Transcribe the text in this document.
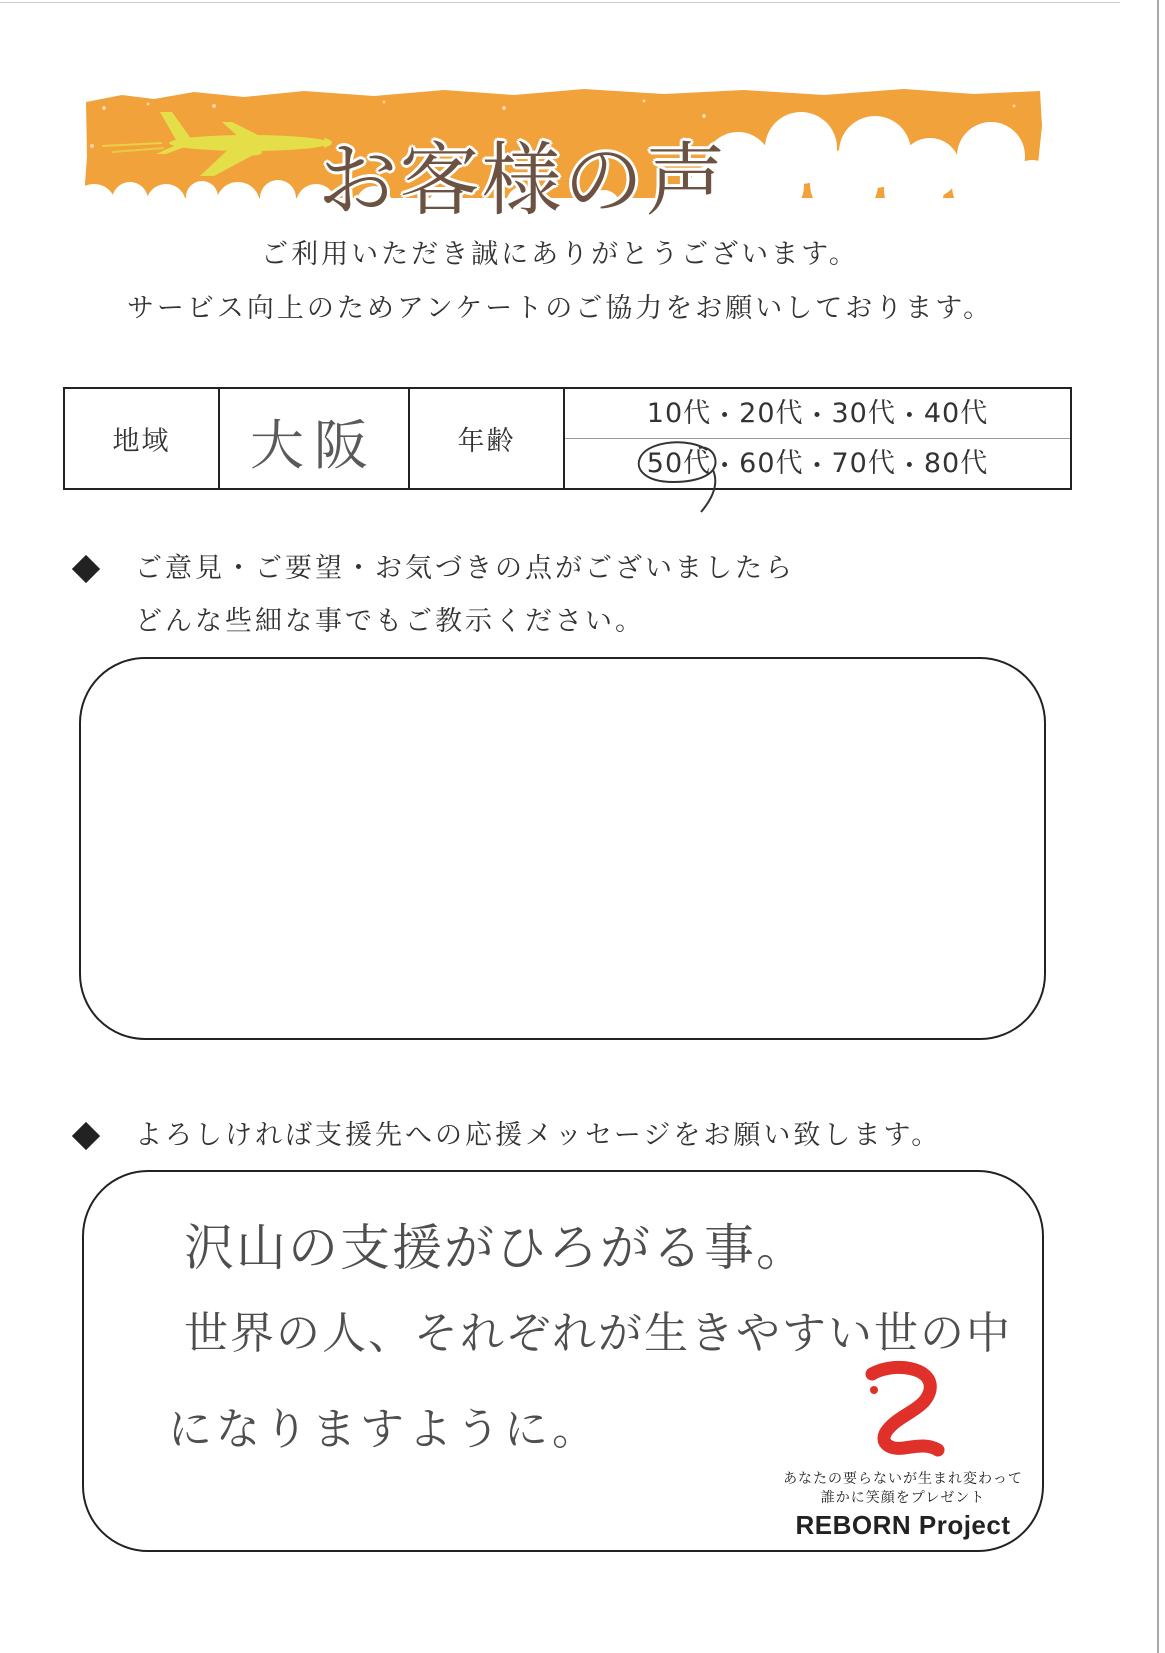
お客様の声
ご利用いただき誠にありがとうございます。
サービス向上のためアンケートのご協力をお願いしております。
地域 大阪	年齢
10代 ・ 20代 ・ 30代 ・ 40代
50代 ・ 60代 ・ 70代 ・ 80代
ご意見・ご要望・お気づきの点がございましたら
どんな些細な事でもご教示ください。
よろしければ支援先への応援メッセージをお願い致します。
沢山の支援がひろがる事。
世界の人、それぞれが生きやすい世の中
になりますように。
あなたの要らないが生まれ変わって
誰かに笑顔をプレゼント
REBORN Project
